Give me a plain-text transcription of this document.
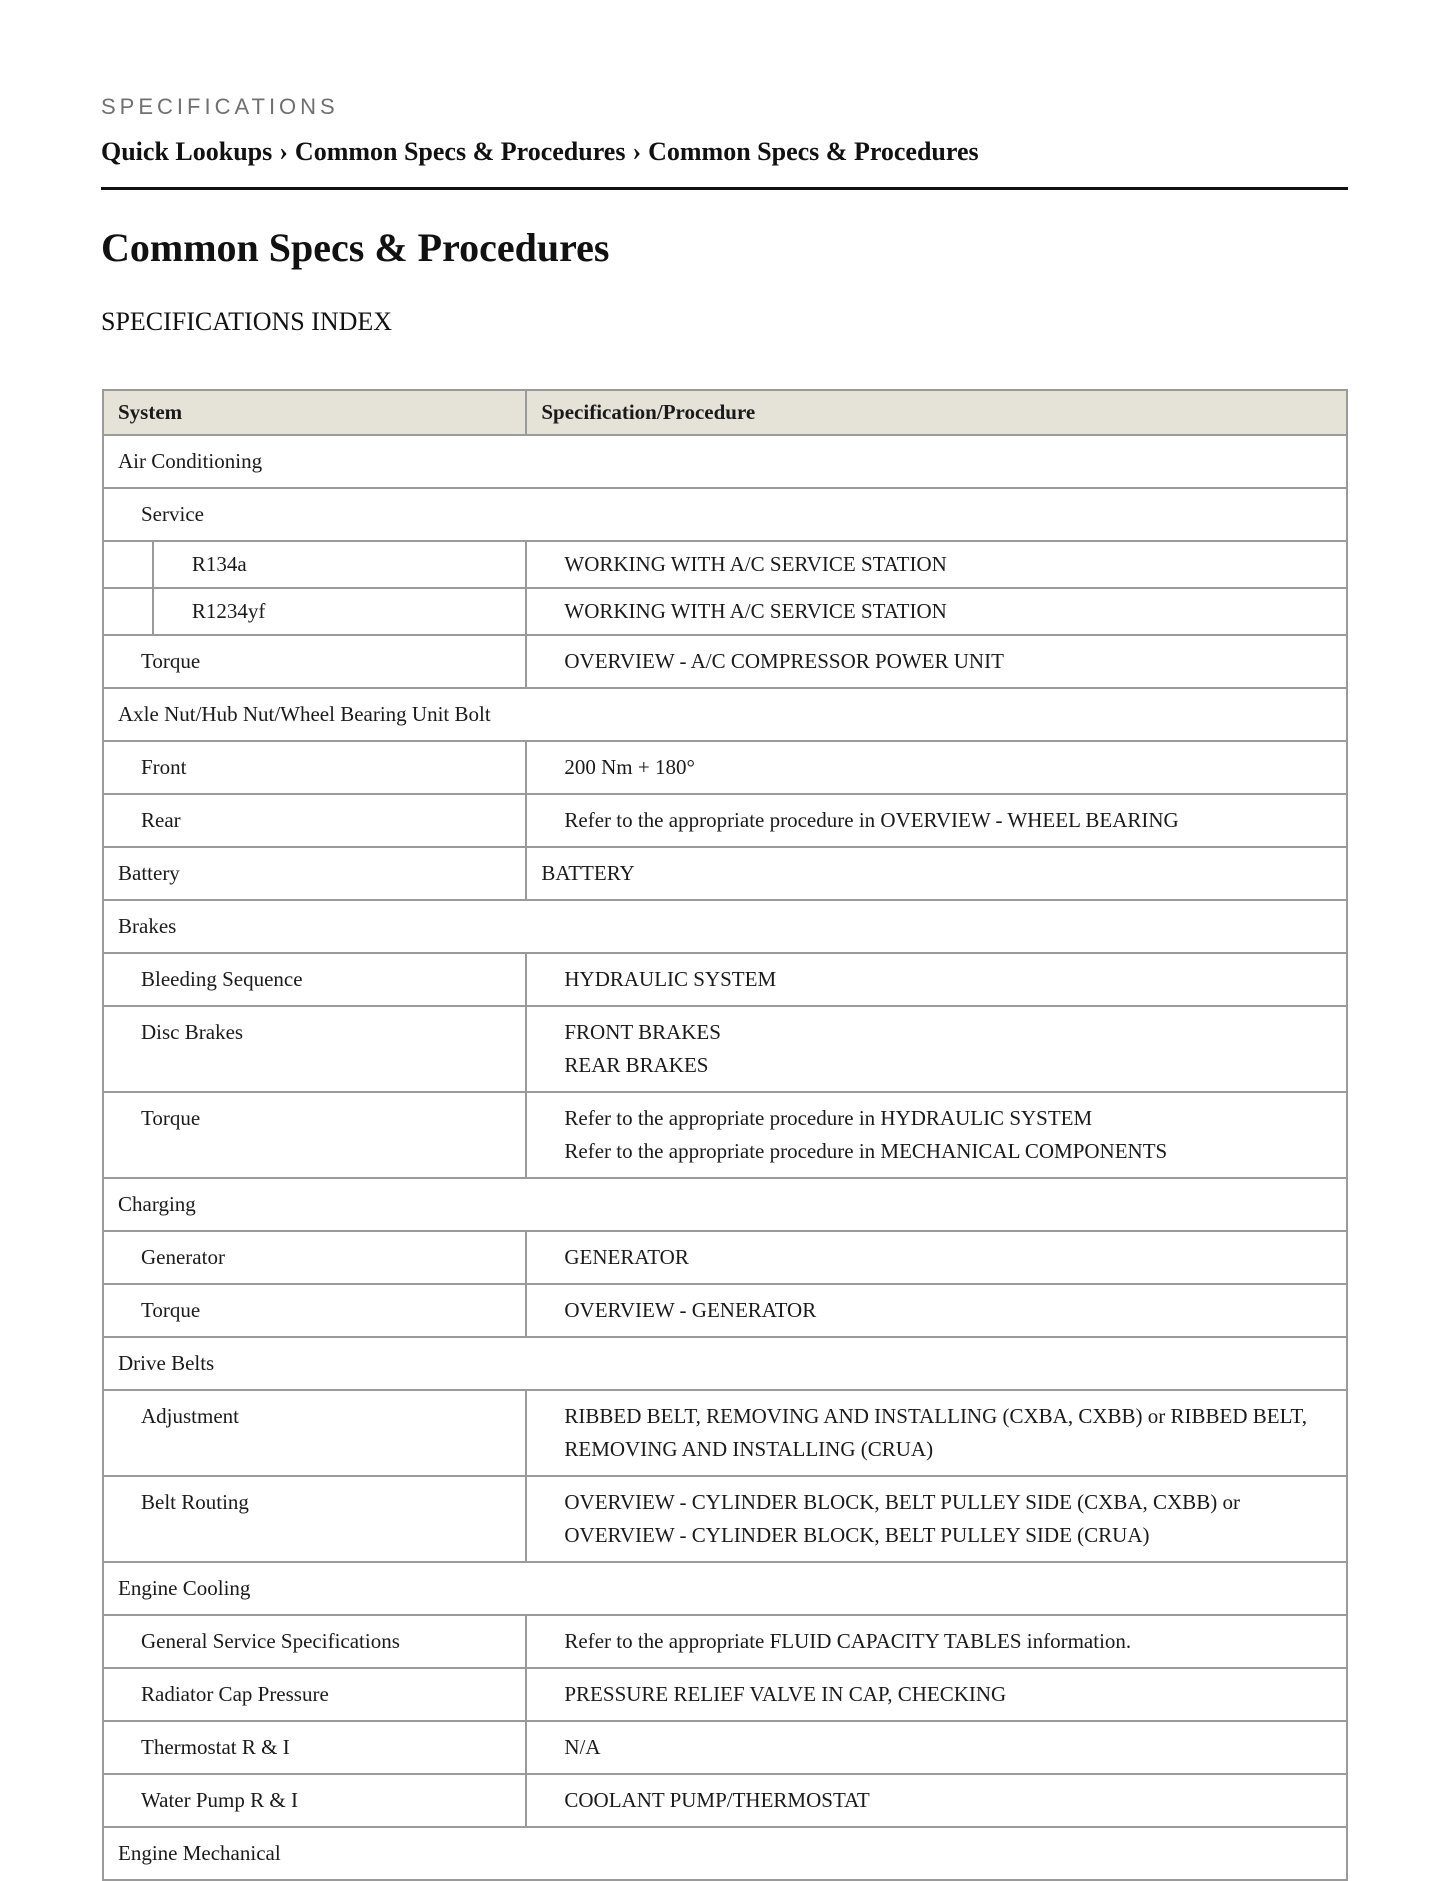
SPECIFICATIONS
Quick Lookups › Common Specs & Procedures › Common Specs & Procedures
Common Specs & Procedures
SPECIFICATIONS INDEX
System		Specification/Procedure
Air Conditioning		
Service		
	R134a	WORKING WITH A/C SERVICE STATION
	R1234yf	WORKING WITH A/C SERVICE STATION
Torque		OVERVIEW - A/C COMPRESSOR POWER UNIT
Axle Nut/Hub Nut/Wheel Bearing Unit Bolt		
Front		200 Nm + 180°
Rear		Refer to the appropriate procedure in OVERVIEW - WHEEL BEARING
Battery		BATTERY
Brakes		
Bleeding Sequence		HYDRAULIC SYSTEM
Disc Brakes		FRONT BRAKES
REAR BRAKES

Torque		Refer to the appropriate procedure in HYDRAULIC SYSTEM
Refer to the appropriate procedure in MECHANICAL COMPONENTS

Charging		
Generator		GENERATOR
Torque		OVERVIEW - GENERATOR
Drive Belts		
Adjustment		RIBBED BELT, REMOVING AND INSTALLING (CXBA, CXBB) or RIBBED BELT,
REMOVING AND INSTALLING (CRUA)

Belt Routing		OVERVIEW - CYLINDER BLOCK, BELT PULLEY SIDE (CXBA, CXBB) or
OVERVIEW - CYLINDER BLOCK, BELT PULLEY SIDE (CRUA)

Engine Cooling		
General Service Specifications		Refer to the appropriate FLUID CAPACITY TABLES information.
Radiator Cap Pressure		PRESSURE RELIEF VALVE IN CAP, CHECKING
Thermostat R & I		N/A
Water Pump R & I		COOLANT PUMP/THERMOSTAT
Engine Mechanical		
